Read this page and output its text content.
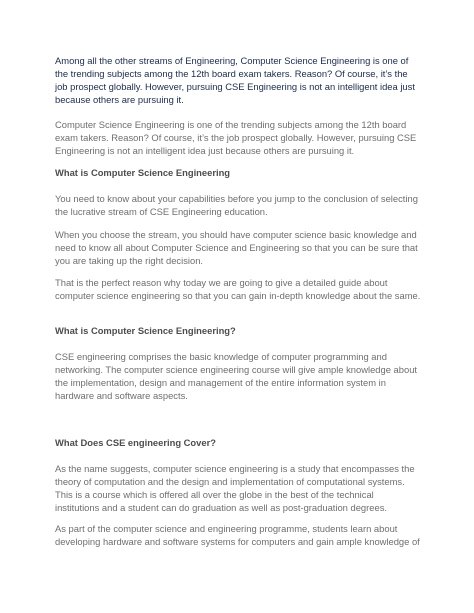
Among all the other streams of Engineering, Computer Science Engineering is one of
the trending subjects among the 12th board exam takers. Reason? Of course, it’s the
job prospect globally. However, pursuing CSE Engineering is not an intelligent idea just
because others are pursuing it.

Computer Science Engineering is one of the trending subjects among the 12th board
exam takers. Reason? Of course, it’s the job prospect globally. However, pursuing CSE
Engineering is not an intelligent idea just because others are pursuing it.

What is Computer Science Engineering

You need to know about your capabilities before you jump to the conclusion of selecting
the lucrative stream of CSE Engineering education.

When you choose the stream, you should have computer science basic knowledge and
need to know all about Computer Science and Engineering so that you can be sure that
you are taking up the right decision.

That is the perfect reason why today we are going to give a detailed guide about
computer science engineering so that you can gain in-depth knowledge about the same.

What is Computer Science Engineering?

CSE engineering comprises the basic knowledge of computer programming and
networking. The computer science engineering course will give ample knowledge about
the implementation, design and management of the entire information system in
hardware and software aspects.

What Does CSE engineering Cover?

As the name suggests, computer science engineering is a study that encompasses the
theory of computation and the design and implementation of computational systems.
This is a course which is offered all over the globe in the best of the technical
institutions and a student can do graduation as well as post-graduation degrees.

As part of the computer science and engineering programme, students learn about
developing hardware and software systems for computers and gain ample knowledge of
